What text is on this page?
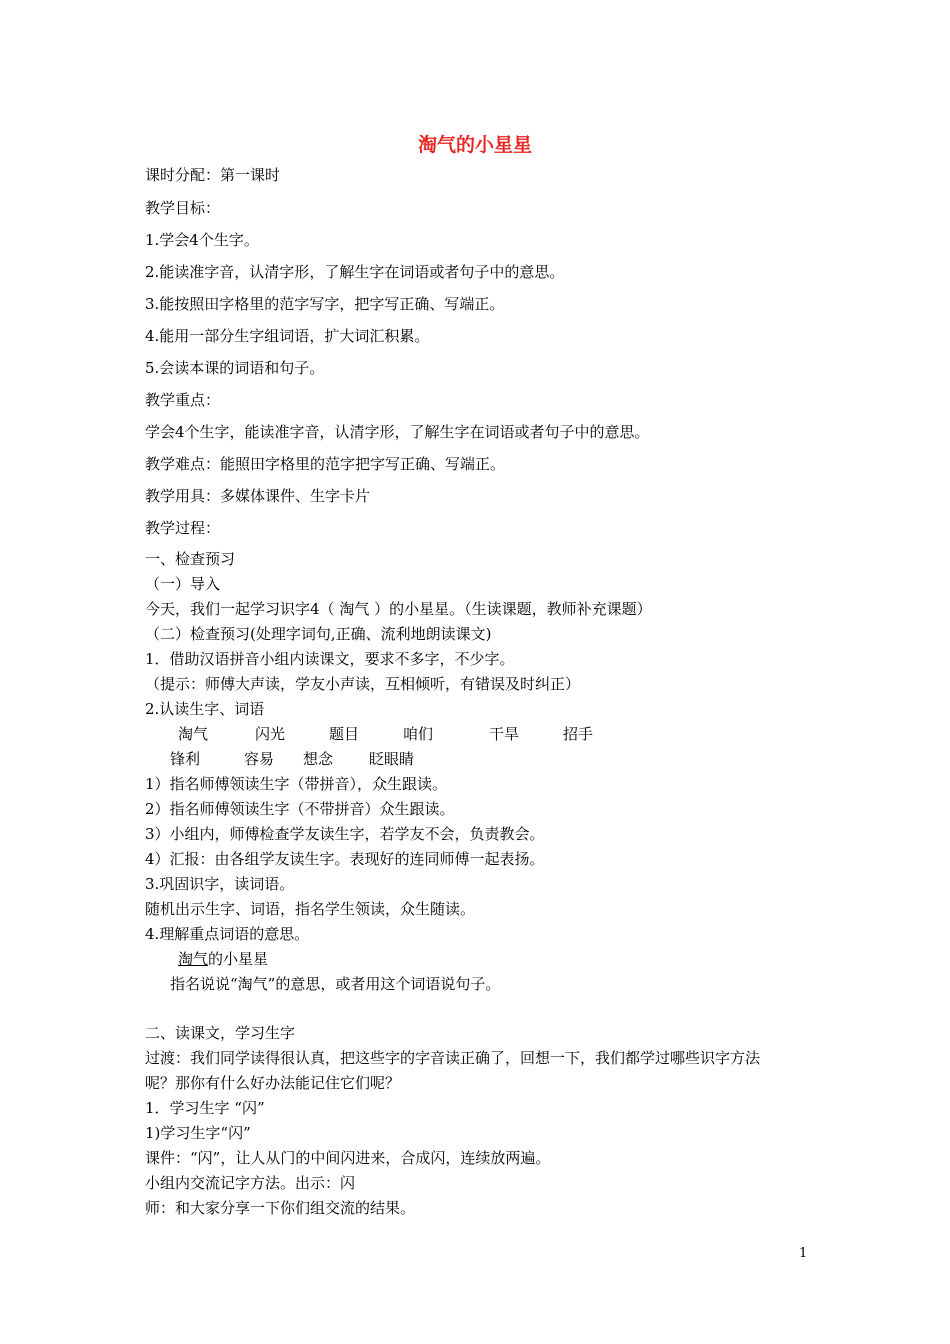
淘气的小星星
课时分配：第一课时
教学目标：
1.学会4个生字。
2.能读准字音，认清字形，了解生字在词语或者句子中的意思。
3.能按照田字格里的范字写字，把字写正确、写端正。
4.能用一部分生字组词语，扩大词汇积累。
5.会读本课的词语和句子。
教学重点：
学会4个生字，能读准字音，认清字形，了解生字在词语或者句子中的意思。
教学难点：能照田字格里的范字把字写正确、写端正。
教学用具：多媒体课件、生字卡片
教学过程：
一、检查预习
（一）导入
今天，我们一起学习识字4（ 淘气 ）的小星星。（生读课题，教师补充课题）
（二）检查预习(处理字词句,正确、流利地朗读课文)
1．借助汉语拼音小组内读课文，要求不多字，不少字。
（提示：师傅大声读，学友小声读，互相倾听，有错误及时纠正）
2.认读生字、词语
淘气	闪光	题目	咱们	干旱	招手
锋利	容易 想念 眨眼睛
1）指名师傅领读生字（带拼音），众生跟读。
2）指名师傅领读生字（不带拼音）众生跟读。
3）小组内，师傅检查学友读生字，若学友不会，负责教会。
4）汇报：由各组学友读生字。表现好的连同师傅一起表扬。
3.巩固识字，读词语。
随机出示生字、词语，指名学生领读，众生随读。
4.理解重点词语的意思。
淘气的小星星
指名说说“淘气”的意思，或者用这个词语说句子。
二、读课文，学习生字
过渡：我们同学读得很认真，把这些字的字音读正确了，回想一下，我们都学过哪些识字方法
呢？那你有什么好办法能记住它们呢？
1．学习生字 “闪”
1)学习生字“闪”
课件：“闪”，让人从门的中间闪进来，合成闪，连续放两遍。
小组内交流记字方法。出示：闪
师：和大家分享一下你们组交流的结果。
1
